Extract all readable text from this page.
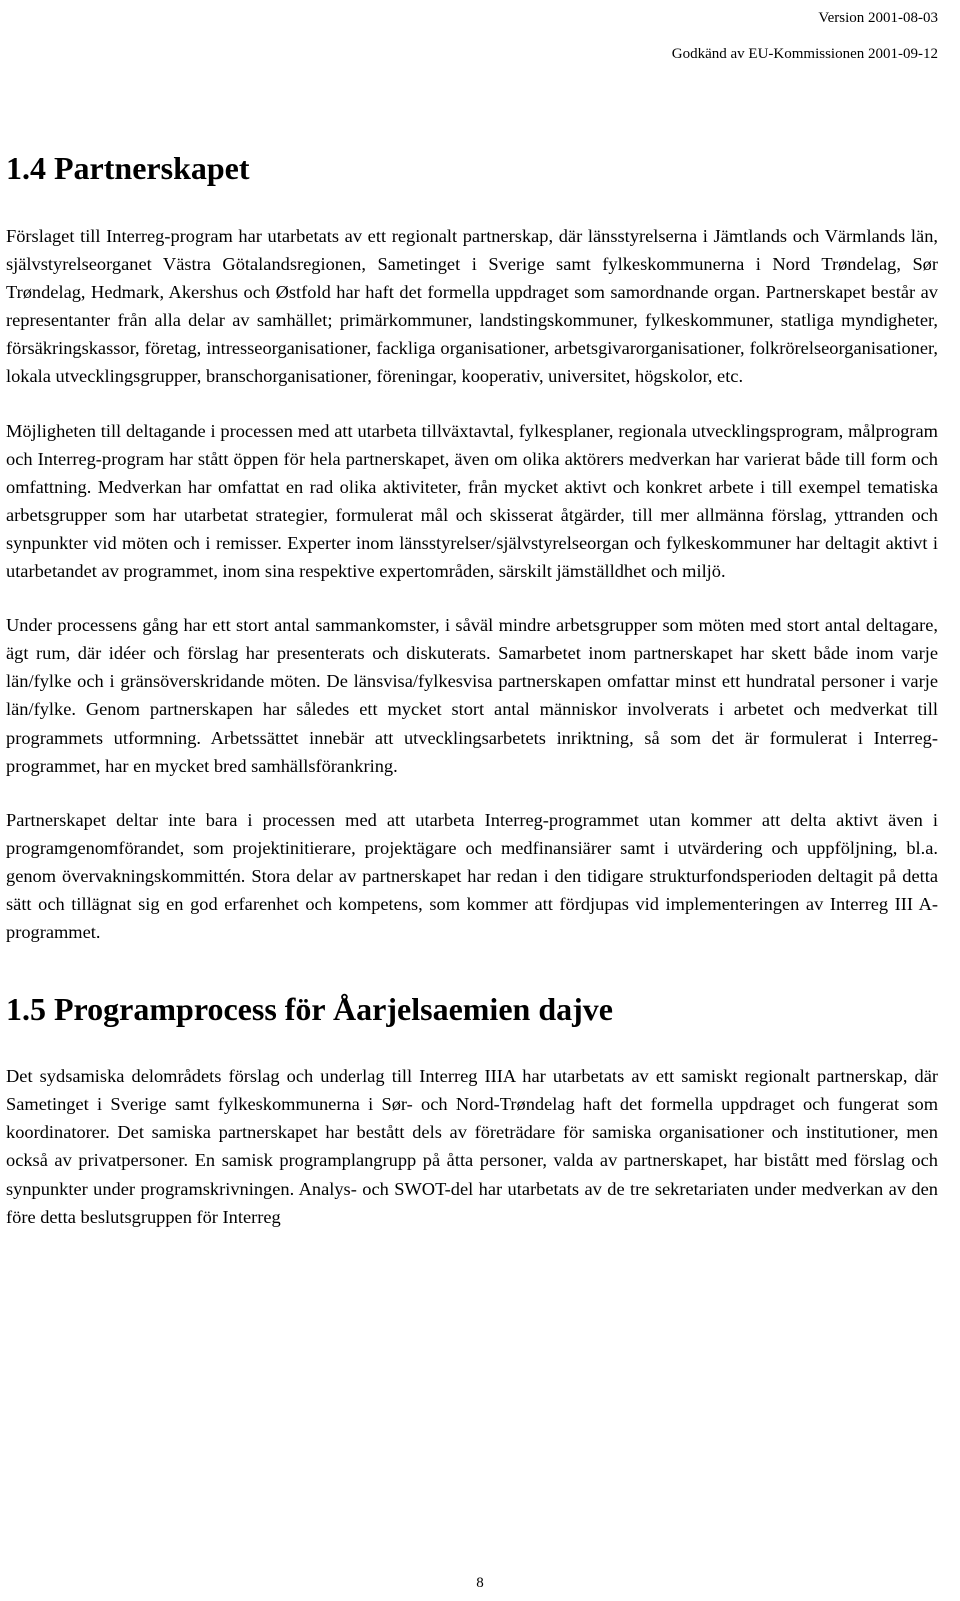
Version 2001-08-03
Godkänd av EU-Kommissionen 2001-09-12
1.4 Partnerskapet

Förslaget till Interreg-program har utarbetats av ett regionalt partnerskap, där länsstyrelserna i Jämtlands och Värmlands län, självstyrelseorganet Västra Götalandsregionen, Sametinget i Sverige samt fylkeskommunerna i Nord Trøndelag, Sør Trøndelag, Hedmark, Akershus och Østfold har haft det formella uppdraget som samordnande organ. Partnerskapet består av representanter från alla delar av samhället; primärkommuner, landstingskommuner, fylkeskommuner, statliga myndigheter, försäkringskassor, företag, intresseorganisationer, fackliga organisationer, arbetsgivarorganisationer, folkrörelseorganisationer, lokala utvecklingsgrupper, branschorganisationer, föreningar, kooperativ, universitet, högskolor, etc.

Möjligheten till deltagande i processen med att utarbeta tillväxtavtal, fylkesplaner, regionala utvecklingsprogram, målprogram och Interreg-program har stått öppen för hela partnerskapet, även om olika aktörers medverkan har varierat både till form och omfattning. Medverkan har omfattat en rad olika aktiviteter, från mycket aktivt och konkret arbete i till exempel tematiska arbetsgrupper som har utarbetat strategier, formulerat mål och skisserat åtgärder, till mer allmänna förslag, yttranden och synpunkter vid möten och i remisser. Experter inom länsstyrelser/självstyrelseorgan och fylkeskommuner har deltagit aktivt i utarbetandet av programmet, inom sina respektive expertområden, särskilt jämställdhet och miljö.

Under processens gång har ett stort antal sammankomster, i såväl mindre arbetsgrupper som möten med stort antal deltagare, ägt rum, där idéer och förslag har presenterats och diskuterats. Samarbetet inom partnerskapet har skett både inom varje län/fylke och i gränsöverskridande möten. De länsvisa/fylkesvisa partnerskapen omfattar minst ett hundratal personer i varje län/fylke. Genom partnerskapen har således ett mycket stort antal människor involverats i arbetet och medverkat till programmets utformning. Arbetssättet innebär att utvecklingsarbetets inriktning, så som det är formulerat i Interreg-programmet, har en mycket bred samhällsförankring.

Partnerskapet deltar inte bara i processen med att utarbeta Interreg-programmet utan kommer att delta aktivt även i programgenomförandet, som projektinitierare, projektägare och medfinansiärer samt i utvärdering och uppföljning, bl.a. genom övervakningskommittén. Stora delar av partnerskapet har redan i den tidigare strukturfondsperioden deltagit på detta sätt och tillägnat sig en god erfarenhet och kompetens, som kommer att fördjupas vid implementeringen av Interreg III A-programmet.

1.5 Programprocess för Åarjelsaemien dajve

Det sydsamiska delområdets förslag och underlag till Interreg IIIA har utarbetats av ett samiskt regionalt partnerskap, där Sametinget i Sverige samt fylkeskommunerna i Sør- och Nord-Trøndelag haft det formella uppdraget och fungerat som koordinatorer. Det samiska partnerskapet har bestått dels av företrädare för samiska organisationer och institutioner, men också av privatpersoner. En samisk programplangrupp på åtta personer, valda av partnerskapet, har bistått med förslag och synpunkter under programskrivningen. Analys- och SWOT-del har utarbetats av de tre sekretariaten under medverkan av den före detta beslutsgruppen för Interreg

8
